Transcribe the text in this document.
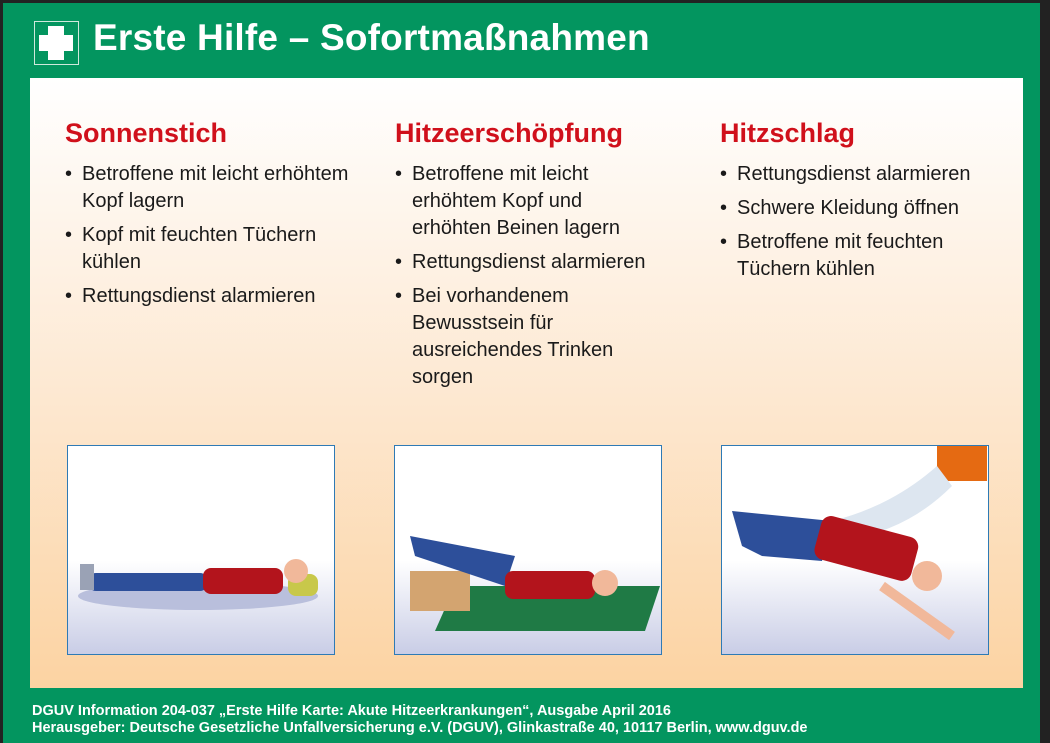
Erste Hilfe – Sofortmaßnahmen
Sonnenstich
• Betroffene mit leicht erhöhtem Kopf lagern
• Kopf mit feuchten Tüchern kühlen
• Rettungsdienst alarmieren
Hitzeerschöpfung
• Betroffene mit leicht erhöhtem Kopf und erhöhten Beinen lagern
• Rettungsdienst alarmieren
• Bei vorhandenem Bewusstsein für ausreichendes Trinken sorgen
Hitzschlag
• Rettungsdienst alarmieren
• Schwere Kleidung öffnen
• Betroffene mit feuchten Tüchern kühlen
DGUV Information 204-037 „Erste Hilfe Karte: Akute Hitzeerkrankungen“, Ausgabe April 2016
Herausgeber: Deutsche Gesetzliche Unfallversicherung e.V. (DGUV), Glinkastraße 40, 10117 Berlin, www.dguv.de
